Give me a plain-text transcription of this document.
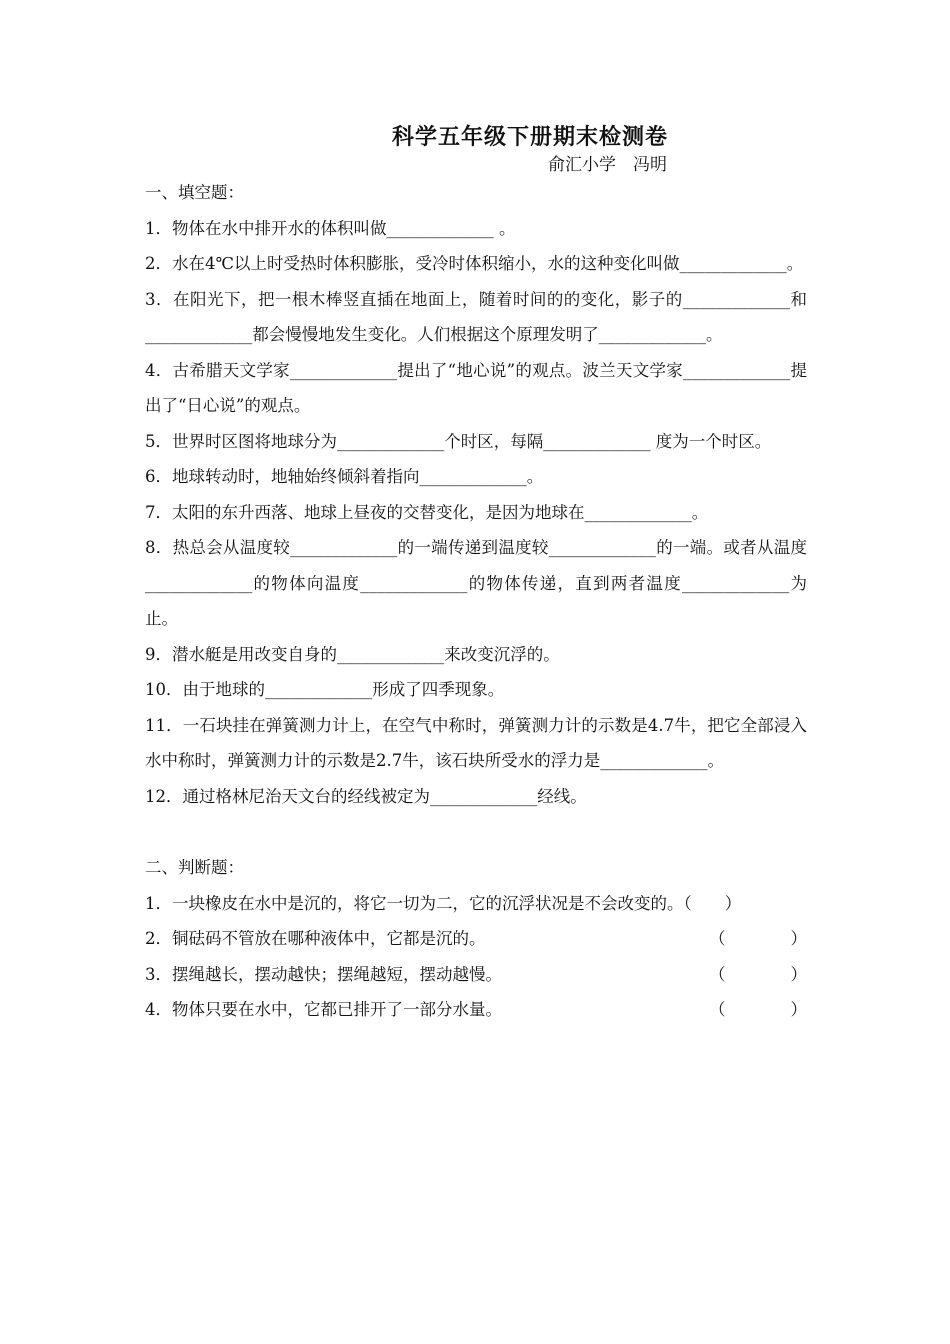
科学五年级下册期末检测卷
俞汇小学　冯明

一、填空题：

1．物体在水中排开水的体积叫做_____________ 。

2．水在4℃以上时受热时体积膨胀，受冷时体积缩小，水的这种变化叫做_____________。

3．在阳光下，把一根木棒竖直插在地面上，随着时间的的变化，影子的_____________和_____________都会慢慢地发生变化。人们根据这个原理发明了_____________。

4．古希腊天文学家_____________提出了“地心说”的观点。波兰天文学家_____________提出了“日心说”的观点。

5．世界时区图将地球分为_____________个时区，每隔_____________ 度为一个时区。

6．地球转动时，地轴始终倾斜着指向_____________。

7．太阳的东升西落、地球上昼夜的交替变化，是因为地球在_____________。

8．热总会从温度较_____________的一端传递到温度较_____________的一端。或者从温度_____________的物体向温度_____________的物体传递，直到两者温度_____________为止。

9．潜水艇是用改变自身的_____________来改变沉浮的。

10．由于地球的_____________形成了四季现象。

11．一石块挂在弹簧测力计上，在空气中称时，弹簧测力计的示数是4.7牛，把它全部浸入水中称时，弹簧测力计的示数是2.7牛，该石块所受水的浮力是_____________。

12．通过格林尼治天文台的经线被定为_____________经线。

二、判断题：

1．一块橡皮在水中是沉的，将它一切为二，它的沉浮状况是不会改变的。（　　）

2．铜砝码不管放在哪种液体中，它都是沉的。	（	）
3．摆绳越长，摆动越快；摆绳越短，摆动越慢。	（	）
4．物体只要在水中，它都已排开了一部分水量。	（	）
